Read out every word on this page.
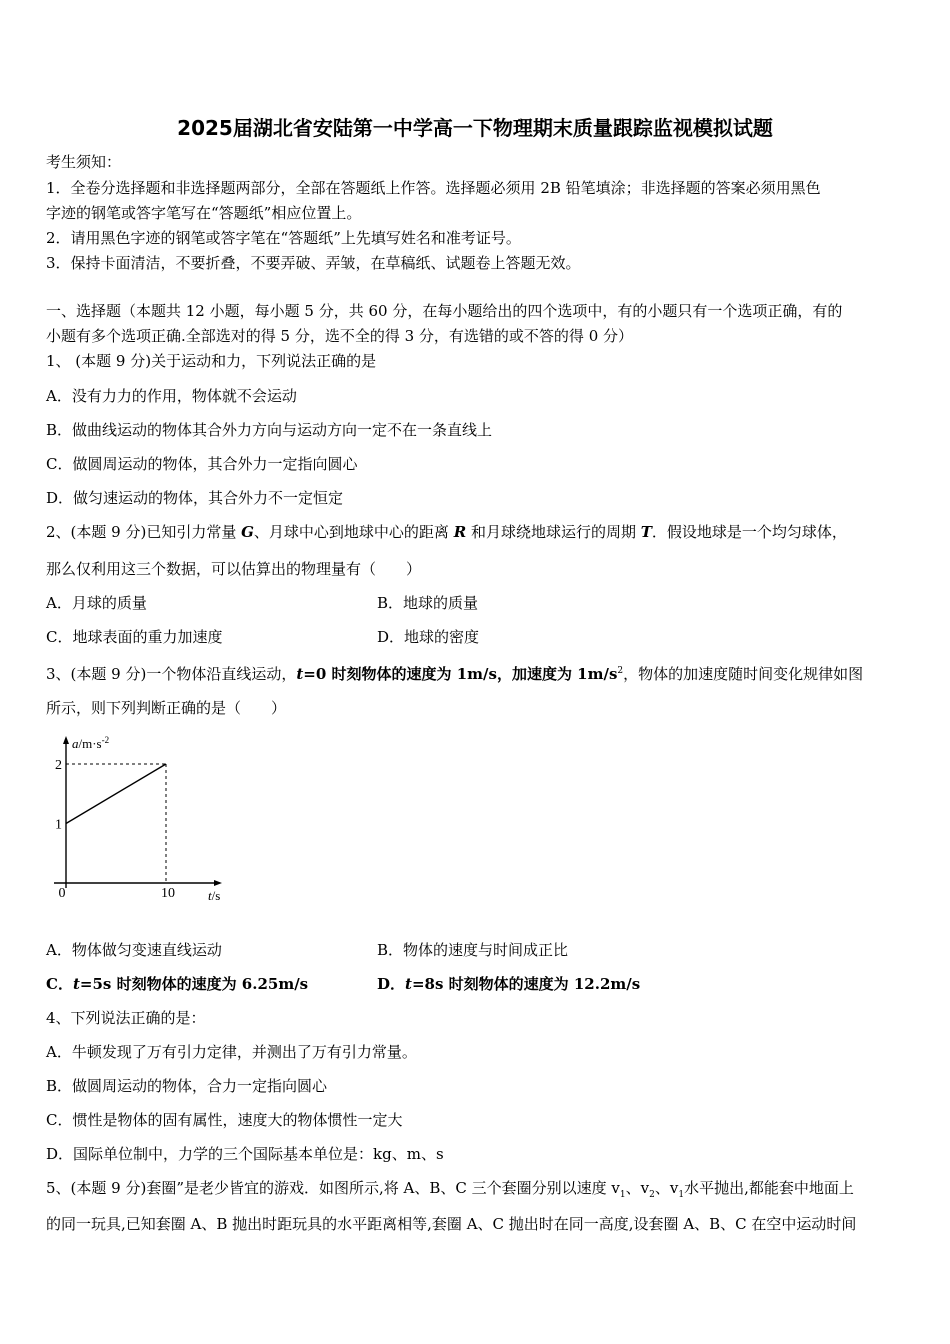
2025届湖北省安陆第一中学高一下物理期末质量跟踪监视模拟试题
考生须知：
1．全卷分选择题和非选择题两部分，全部在答题纸上作答。选择题必须用 2B 铅笔填涂；非选择题的答案必须用黑色
字迹的钢笔或答字笔写在“答题纸”相应位置上。
2．请用黑色字迹的钢笔或答字笔在“答题纸”上先填写姓名和准考证号。
3．保持卡面清洁，不要折叠，不要弄破、弄皱，在草稿纸、试题卷上答题无效。
一、选择题（本题共 12 小题，每小题 5 分，共 60 分，在每小题给出的四个选项中，有的小题只有一个选项正确，有的
小题有多个选项正确.全部选对的得 5 分，选不全的得 3 分，有选错的或不答的得 0 分）
1、 (本题 9 分)关于运动和力，下列说法正确的是
A．没有力力的作用，物体就不会运动
B．做曲线运动的物体其合外力方向与运动方向一定不在一条直线上
C．做圆周运动的物体，其合外力一定指向圆心
D．做匀速运动的物体，其合外力不一定恒定
2、(本题 9 分)已知引力常量 G、月球中心到地球中心的距离 R 和月球绕地球运行的周期 T．假设地球是一个均匀球体，
那么仅利用这三个数据，可以估算出的物理量有（　　）
A．月球的质量	B．地球的质量
C．地球表面的重力加速度	D．地球的密度
3、(本题 9 分)一个物体沿直线运动，t=0 时刻物体的速度为 1m/s，加速度为 $1m/s^2$，物体的加速度随时间变化规律如图
所示，则下列判断正确的是（　　）
1
2
0	10
$a/m\cdot s^{-2}$
t/s
A．物体做匀变速直线运动	B．物体的速度与时间成正比
C．t=5s 时刻物体的速度为 6.25m/s	D．t=8s 时刻物体的速度为 12.2m/s
4、下列说法正确的是：
A．牛顿发现了万有引力定律，并测出了万有引力常量。
B．做圆周运动的物体，合力一定指向圆心
C．惯性是物体的固有属性，速度大的物体惯性一定大
D．国际单位制中，力学的三个国际基本单位是：kg、m、s
5、(本题 9 分)套圈”是老少皆宜的游戏．如图所示,将 A、B、C 三个套圈分别以速度 $v_1$、$v_2$、$v_1$水平抛出,都能套中地面上
的同一玩具,已知套圈 A、B 抛出时距玩具的水平距离相等,套圈 A、C 抛出时在同一高度,设套圈 A、B、C 在空中运动时间
